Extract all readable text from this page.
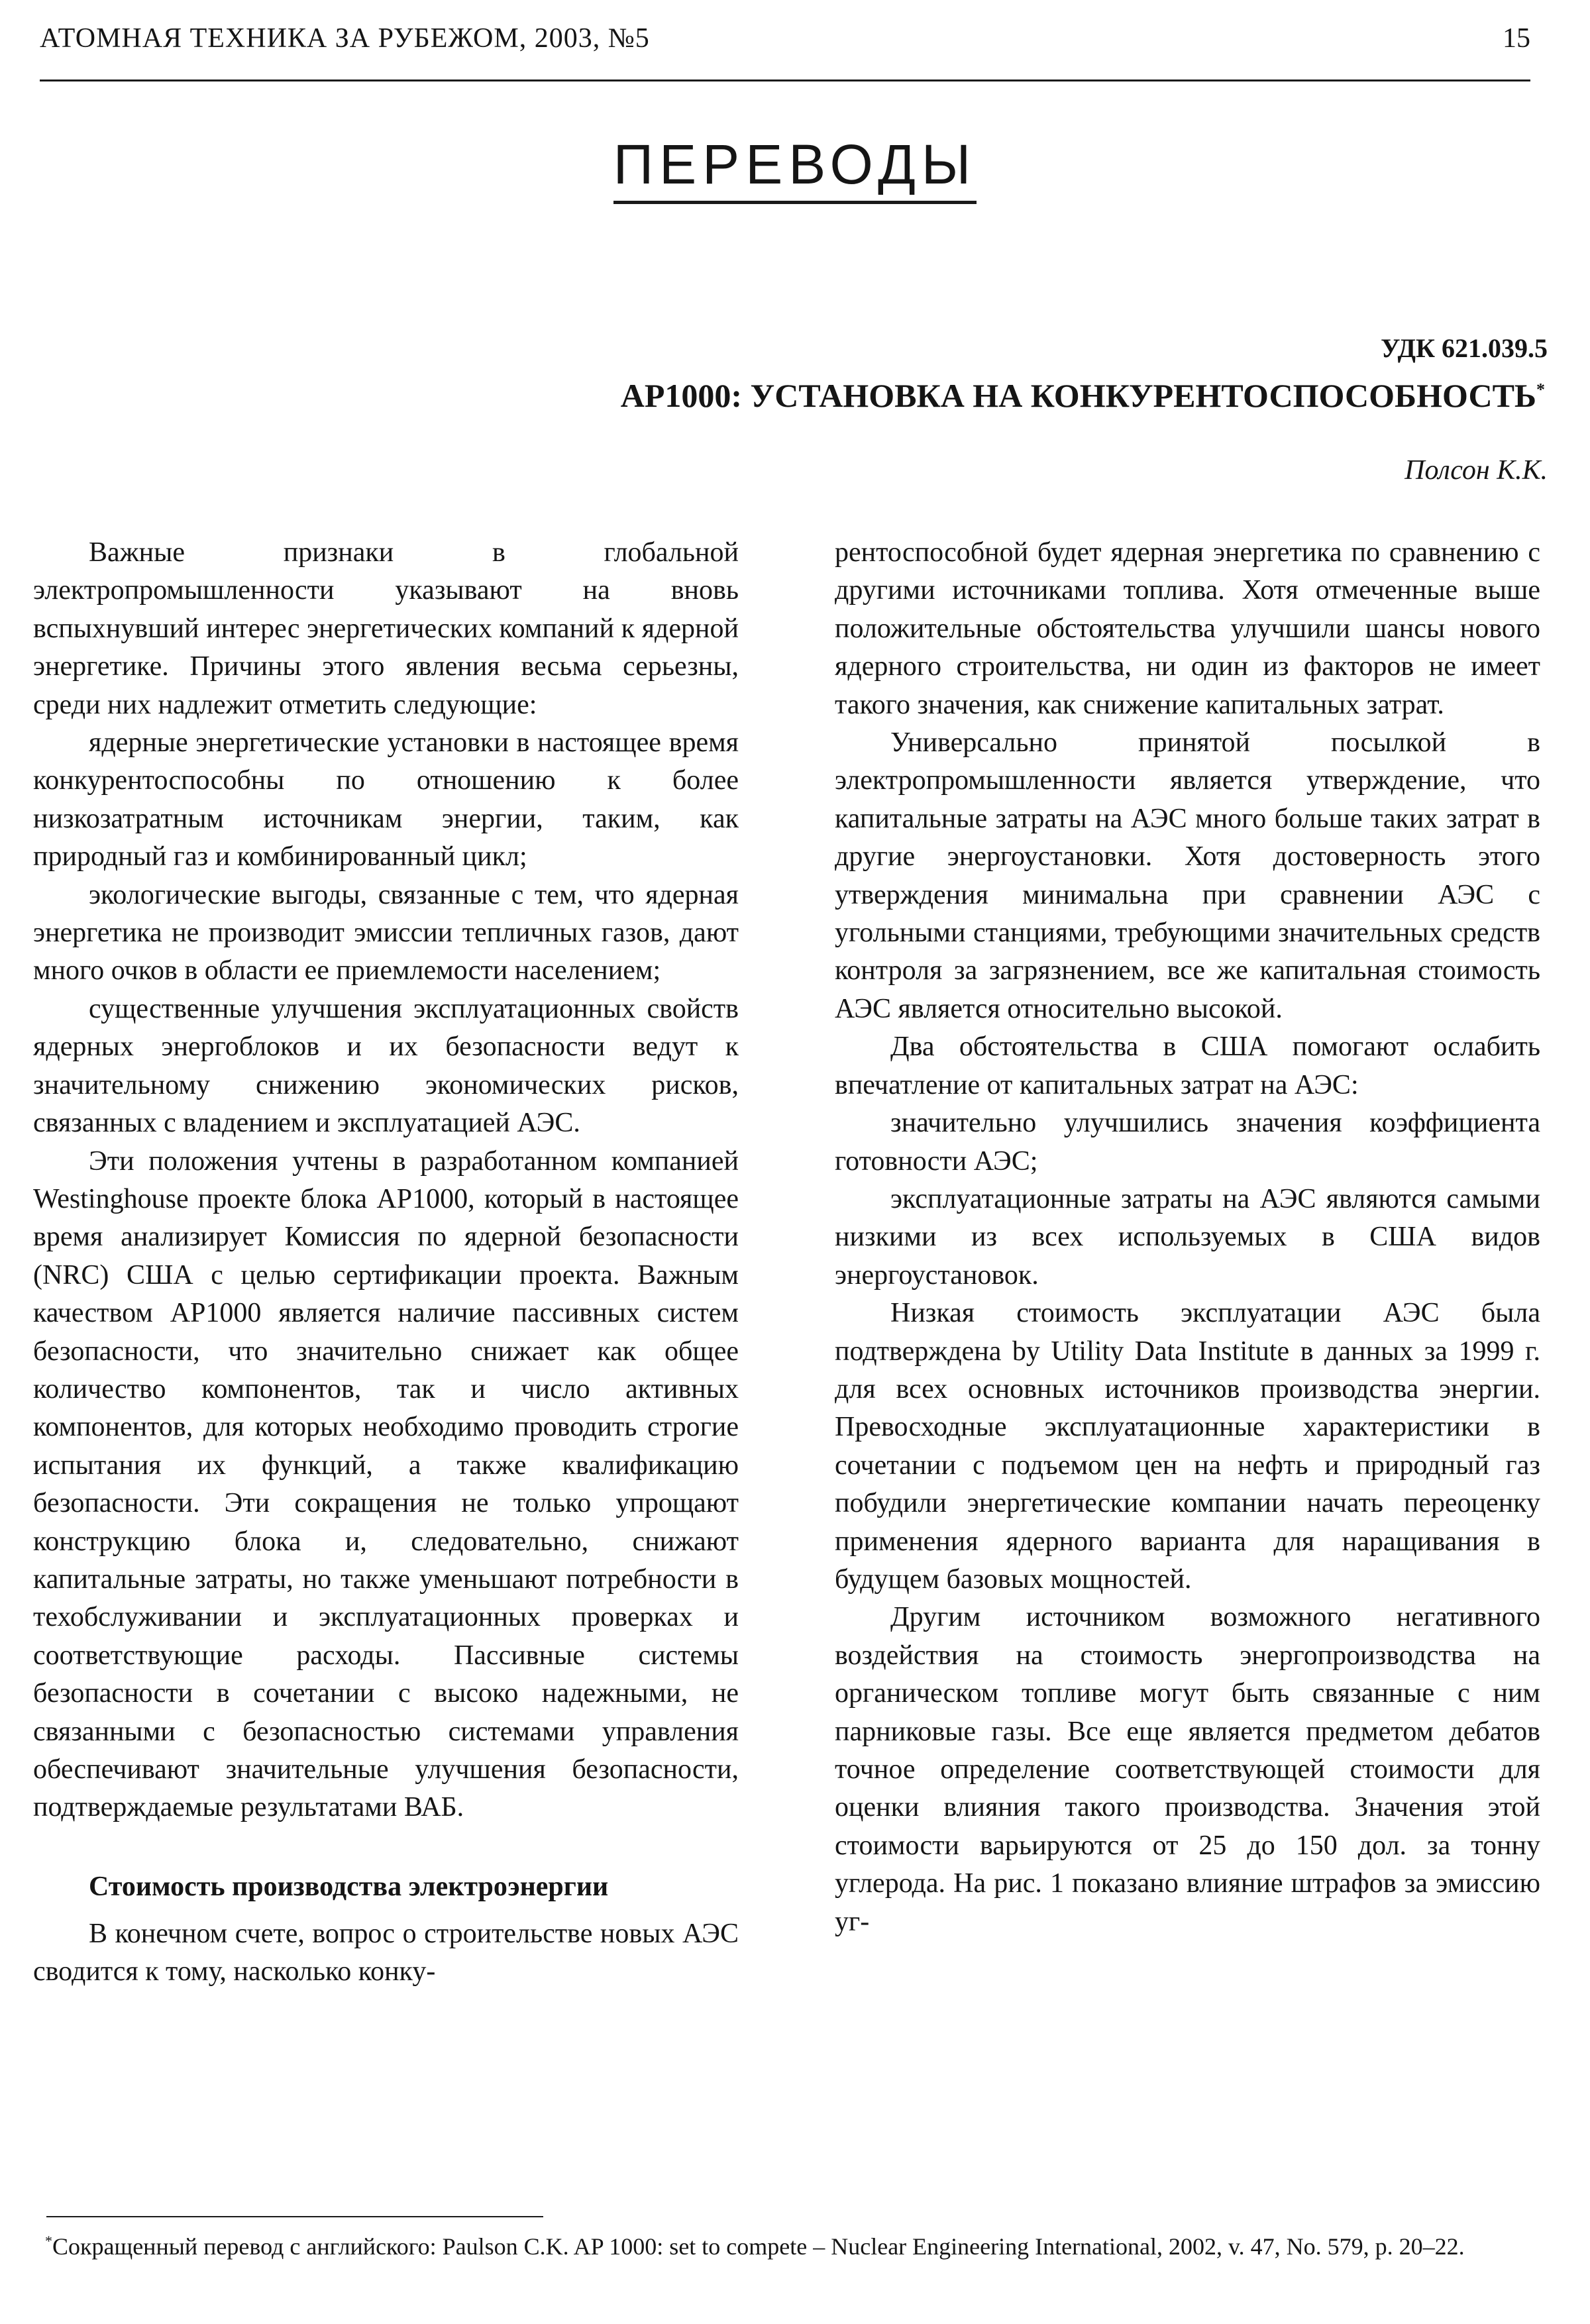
АТОМНАЯ ТЕХНИКА ЗА РУБЕЖОМ, 2003, №5	15
ПЕРЕВОДЫ
УДК 621.039.5
АР1000: УСТАНОВКА НА КОНКУРЕНТОСПОСОБНОСТЬ*
Полсон К.К.

Важные признаки в глобальной электропромышленности указывают на вновь вспыхнувший интерес энергетических компаний к ядерной энергетике. Причины этого явления весьма серьезны, среди них надлежит отметить следующие:

ядерные энергетические установки в настоящее время конкурентоспособны по отношению к более низкозатратным источникам энергии, таким, как природный газ и комбинированный цикл;

экологические выгоды, связанные с тем, что ядерная энергетика не производит эмиссии тепличных газов, дают много очков в области ее приемлемости населением;

существенные улучшения эксплуатационных свойств ядерных энергоблоков и их безопасности ведут к значительному снижению экономических рисков, связанных с владением и эксплуатацией АЭС.

Эти положения учтены в разработанном компанией Westinghouse проекте блока АР1000, который в настоящее время анализирует Комиссия по ядерной безопасности (NRC) США с целью сертификации проекта. Важным качеством АР1000 является наличие пассивных систем безопасности, что значительно снижает как общее количество компонентов, так и число активных компонентов, для которых необходимо проводить строгие испытания их функций, а также квалификацию безопасности. Эти сокращения не только упрощают конструкцию блока и, следовательно, снижают капитальные затраты, но также уменьшают потребности в техобслуживании и эксплуатационных проверках и соответствующие расходы. Пассивные системы безопасности в сочетании с высоко надежными, не связанными с безопасностью системами управления обеспечивают значительные улучшения безопасности, подтверждаемые результатами ВАБ.

Стоимость производства электроэнергии

В конечном счете, вопрос о строительстве новых АЭС сводится к тому, насколько конку-

рентоспособной будет ядерная энергетика по сравнению с другими источниками топлива. Хотя отмеченные выше положительные обстоятельства улучшили шансы нового ядерного строительства, ни один из факторов не имеет такого значения, как снижение капитальных затрат.

Универсально принятой посылкой в электропромышленности является утверждение, что капитальные затраты на АЭС много больше таких затрат в другие энергоустановки. Хотя достоверность этого утверждения минимальна при сравнении АЭС с угольными станциями, требующими значительных средств контроля за загрязнением, все же капитальная стоимость АЭС является относительно высокой.

Два обстоятельства в США помогают ослабить впечатление от капитальных затрат на АЭС:

значительно улучшились значения коэффициента готовности АЭС;

эксплуатационные затраты на АЭС являются самыми низкими из всех используемых в США видов энергоустановок.

Низкая стоимость эксплуатации АЭС была подтверждена by Utility Data Institute в данных за 1999 г. для всех основных источников производства энергии. Превосходные эксплуатационные характеристики в сочетании с подъемом цен на нефть и природный газ побудили энергетические компании начать переоценку применения ядерного варианта для наращивания в будущем базовых мощностей.

Другим источником возможного негативного воздействия на стоимость энергопроизводства на органическом топливе могут быть связанные с ним парниковые газы. Все еще является предметом дебатов точное определение соответствующей стоимости для оценки влияния такого производства. Значения этой стоимости варьируются от 25 до 150 дол. за тонну углерода. На рис. 1 показано влияние штрафов за эмиссию уг-

*Сокращенный перевод с английского: Paulson C.K. AP 1000: set to compete – Nuclear Engineering International, 2002, v. 47, No. 579, p. 20–22.
